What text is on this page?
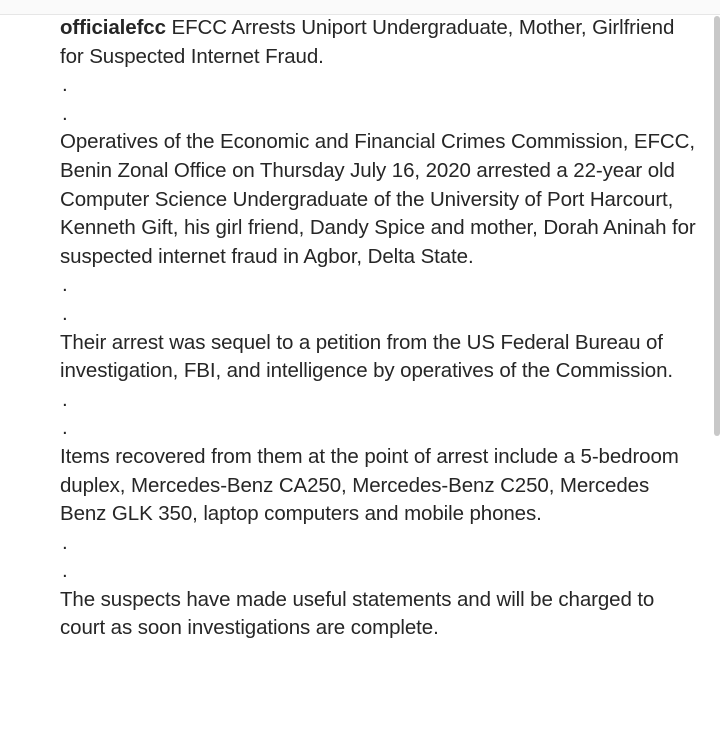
officialefcc EFCC Arrests Uniport Undergraduate, Mother, Girlfriend for Suspected Internet Fraud.

.
.

Operatives of the Economic and Financial Crimes Commission, EFCC, Benin Zonal Office on Thursday July 16, 2020 arrested a 22-year old Computer Science Undergraduate of the University of Port Harcourt, Kenneth Gift, his girl friend, Dandy Spice and mother, Dorah Aninah for suspected internet fraud in Agbor, Delta State.

.
.

Their arrest was sequel to a petition from the US Federal Bureau of investigation, FBI, and intelligence by operatives of the Commission.

.
.

Items recovered from them at the point of arrest include a 5-bedroom duplex, Mercedes-Benz CA250, Mercedes-Benz C250, Mercedes Benz GLK 350, laptop computers and mobile phones.

.
.

The suspects have made useful statements and will be charged to court as soon investigations are complete.
